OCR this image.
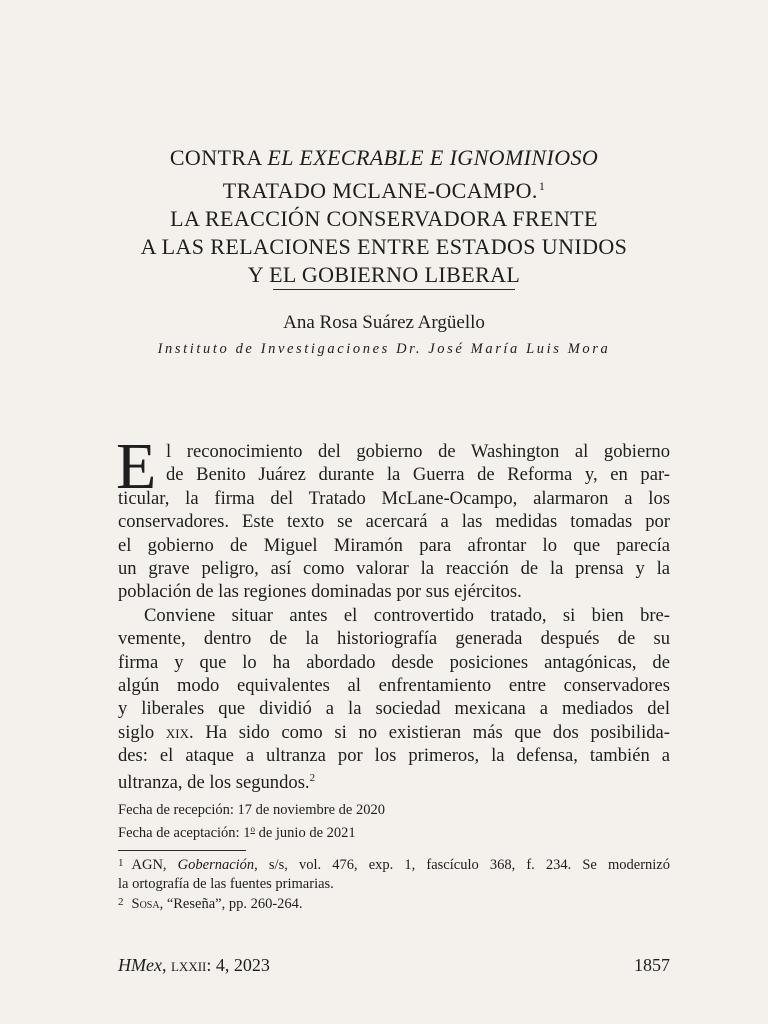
CONTRA EL EXECRABLE E IGNOMINIOSO
TRATADO MCLANE-OCAMPO.$^1$
LA REACCIÓN CONSERVADORA FRENTE
A LAS RELACIONES ENTRE ESTADOS UNIDOS
Y EL GOBIERNO LIBERAL
Ana Rosa Suárez Argüello
Instituto de Investigaciones Dr. José María Luis Mora
E l reconocimiento del gobierno de Washington al gobierno
de Benito Juárez durante la Guerra de Reforma y, en par-
ticular, la firma del Tratado McLane-Ocampo, alarmaron a los
conservadores. Este texto se acercará a las medidas tomadas por
el gobierno de Miguel Miramón para afrontar lo que parecía
un grave peligro, así como valorar la reacción de la prensa y la
población de las regiones dominadas por sus ejércitos.
Conviene situar antes el controvertido tratado, si bien bre-
vemente, dentro de la historiografía generada después de su
firma y que lo ha abordado desde posiciones antagónicas, de
algún modo equivalentes al enfrentamiento entre conservadores
y liberales que dividió a la sociedad mexicana a mediados del
siglo xix. Ha sido como si no existieran más que dos posibilida-
des: el ataque a ultranza por los primeros, la defensa, también a
ultranza, de los segundos.$^2$
Fecha de recepción: 17 de noviembre de 2020
Fecha de aceptación: 1$^o$ de junio de 2021
$^1$ AGN, Gobernación, s/s, vol. 476, exp. 1, fascículo 368, f. 234. Se modernizó
la ortografía de las fuentes primarias.
$^2$ Sosa, “Reseña”, pp. 260-264.
HMex, lxxii: 4, 2023	1857
